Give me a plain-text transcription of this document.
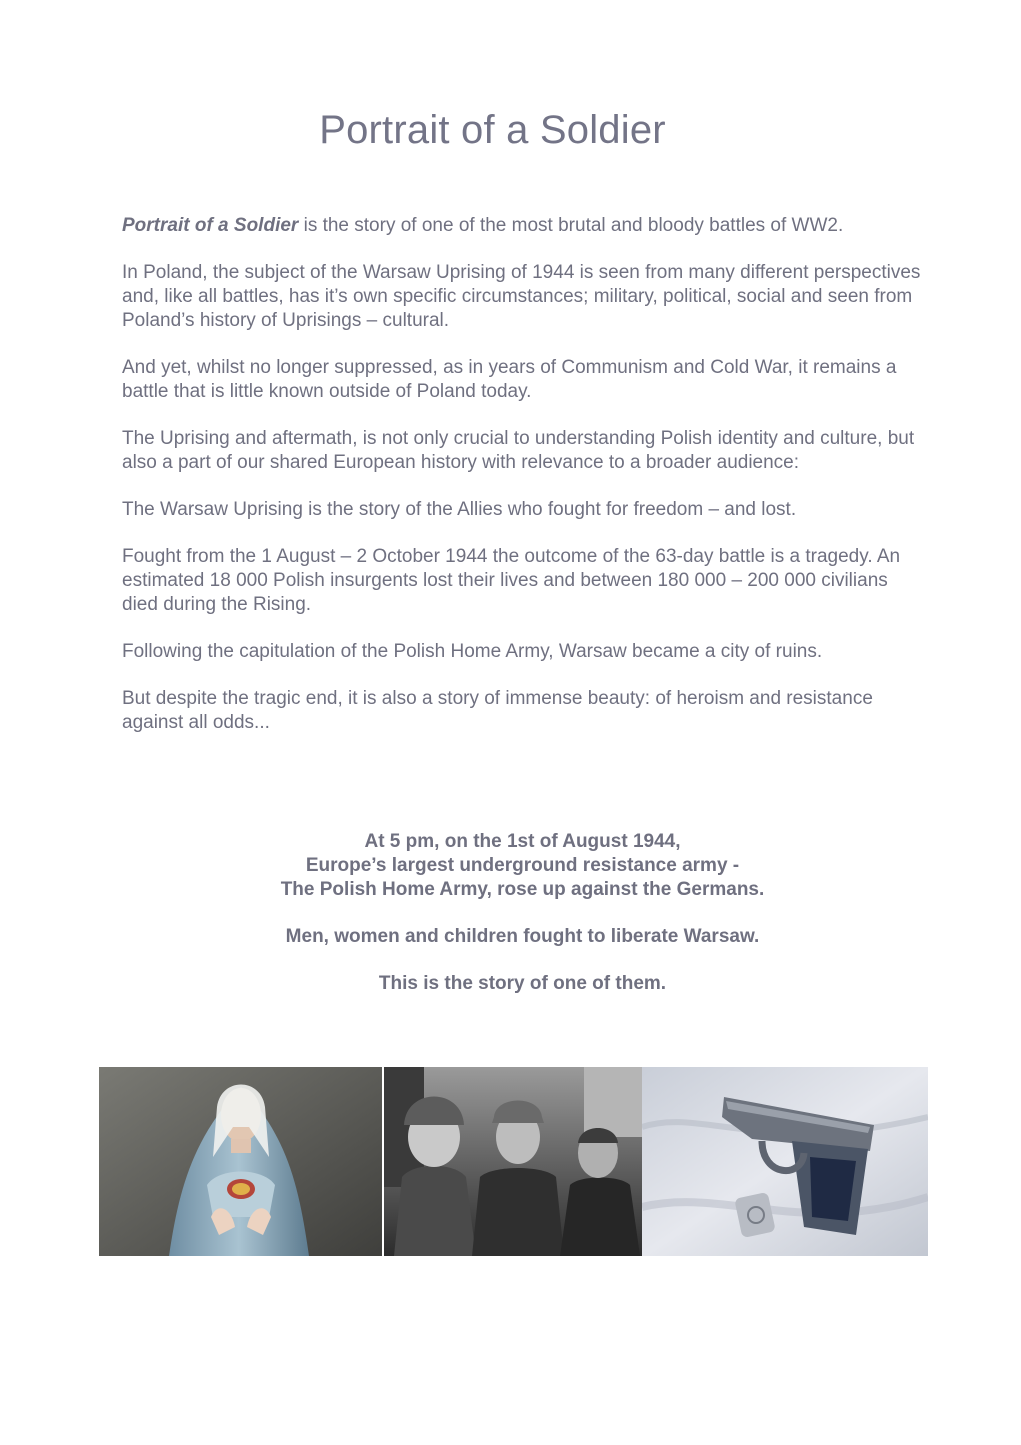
Portrait of a Soldier

Portrait of a Soldier is the story of one of the most brutal and bloody battles of WW2.

In Poland, the subject of the Warsaw Uprising of 1944 is seen from many different perspectives and, like all battles, has it’s own specific circumstances; military, political, social and seen from Poland’s history of Uprisings – cultural.

And yet, whilst no longer suppressed, as in years of Communism and Cold War, it remains a battle that is little known outside of Poland today.

The Uprising and aftermath, is not only crucial to understanding Polish identity and culture, but also a part of our shared European history with relevance to a broader audience:

The Warsaw Uprising is the story of the Allies who fought for freedom – and lost.

Fought from the 1 August – 2 October 1944 the outcome of the 63-day battle is a tragedy. An estimated 18 000 Polish insurgents lost their lives and between 180 000 – 200 000 civilians died during the Rising.

Following the capitulation of the Polish Home Army, Warsaw became a city of ruins.

But despite the tragic end, it is also a story of immense beauty: of heroism and resistance against all odds...

At 5 pm, on the 1st of August 1944,
Europe’s largest underground resistance army -
The Polish Home Army, rose up against the Germans.

Men, women and children fought to liberate Warsaw.

This is the story of one of them.
